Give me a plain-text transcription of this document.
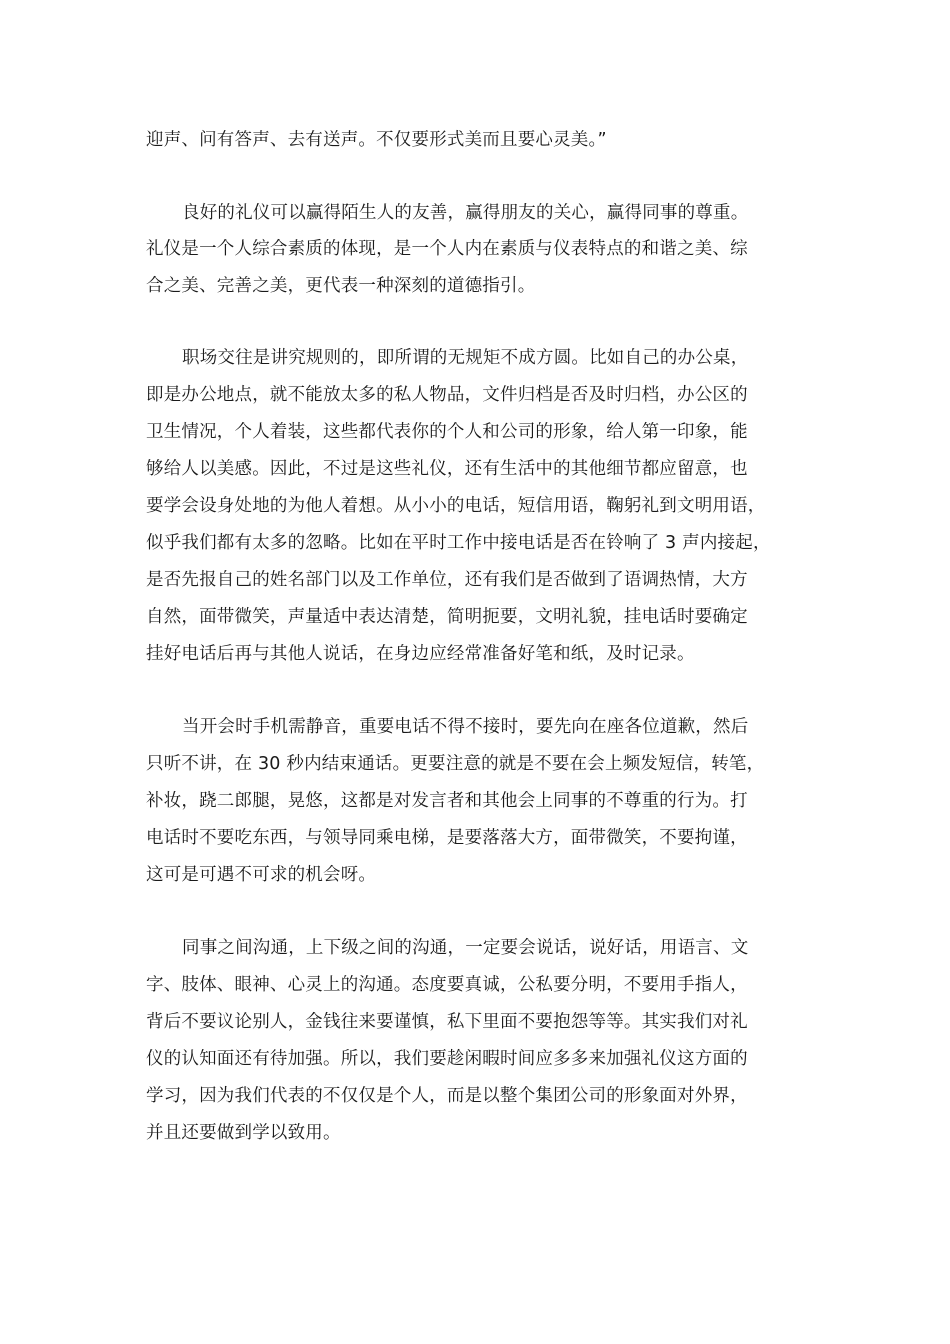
迎声、问有答声、去有送声。不仅要形式美而且要心灵美。”
良好的礼仪可以赢得陌生人的友善，赢得朋友的关心，赢得同事的尊重。
礼仪是一个人综合素质的体现，是一个人内在素质与仪表特点的和谐之美、综
合之美、完善之美，更代表一种深刻的道德指引。
职场交往是讲究规则的，即所谓的无规矩不成方圆。比如自己的办公桌，
即是办公地点，就不能放太多的私人物品，文件归档是否及时归档，办公区的
卫生情况，个人着装，这些都代表你的个人和公司的形象，给人第一印象，能
够给人以美感。因此，不过是这些礼仪，还有生活中的其他细节都应留意，也
要学会设身处地的为他人着想。从小小的电话，短信用语，鞠躬礼到文明用语，
似乎我们都有太多的忽略。比如在平时工作中接电话是否在铃响了 3 声内接起，
是否先报自己的姓名部门以及工作单位，还有我们是否做到了语调热情，大方
自然，面带微笑，声量适中表达清楚，简明扼要，文明礼貌，挂电话时要确定
挂好电话后再与其他人说话，在身边应经常准备好笔和纸，及时记录。
当开会时手机需静音，重要电话不得不接时，要先向在座各位道歉，然后
只听不讲，在 30 秒内结束通话。更要注意的就是不要在会上频发短信，转笔，
补妆，跷二郎腿，晃悠，这都是对发言者和其他会上同事的不尊重的行为。打
电话时不要吃东西，与领导同乘电梯，是要落落大方，面带微笑，不要拘谨，
这可是可遇不可求的机会呀。
同事之间沟通，上下级之间的沟通，一定要会说话，说好话，用语言、文
字、肢体、眼神、心灵上的沟通。态度要真诚，公私要分明，不要用手指人，
背后不要议论别人，金钱往来要谨慎，私下里面不要抱怨等等。其实我们对礼
仪的认知面还有待加强。所以，我们要趁闲暇时间应多多来加强礼仪这方面的
学习，因为我们代表的不仅仅是个人，而是以整个集团公司的形象面对外界，
并且还要做到学以致用。
